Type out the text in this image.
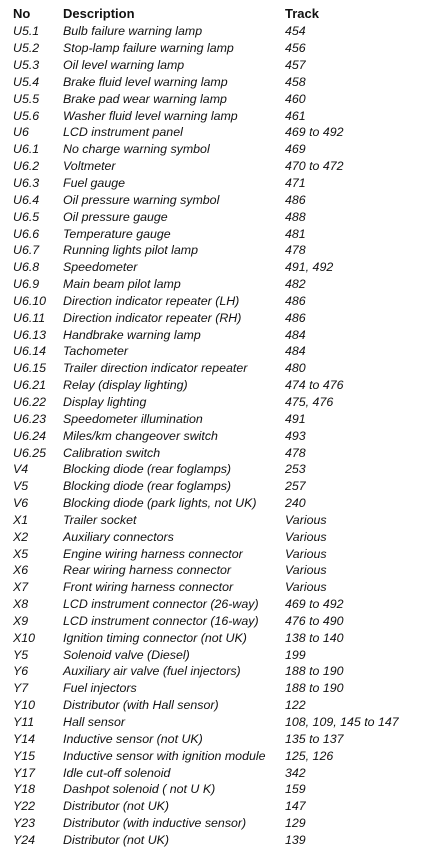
No	Description	Track
U5.1	Bulb failure warning lamp	454
U5.2	Stop-lamp failure warning lamp	456
U5.3	Oil level warning lamp	457
U5.4	Brake fluid level warning lamp	458
U5.5	Brake pad wear warning lamp	460
U5.6	Washer fluid level warning lamp	461
U6	LCD instrument panel	469 to 492
U6.1	No charge warning symbol	469
U6.2	Voltmeter	470 to 472
U6.3	Fuel gauge	471
U6.4	Oil pressure warning symbol	486
U6.5	Oil pressure gauge	488
U6.6	Temperature gauge	481
U6.7	Running lights pilot lamp	478
U6.8	Speedometer	491, 492
U6.9	Main beam pilot lamp	482
U6.10	Direction indicator repeater (LH)	486
U6.11	Direction indicator repeater (RH)	486
U6.13	Handbrake warning lamp	484
U6.14	Tachometer	484
U6.15	Trailer direction indicator repeater	480
U6.21	Relay (display lighting)	474 to 476
U6.22	Display lighting	475, 476
U6.23	Speedometer illumination	491
U6.24	Miles/km changeover switch	493
U6.25	Calibration switch	478
V4	Blocking diode (rear foglamps)	253
V5	Blocking diode (rear foglamps)	257
V6	Blocking diode (park lights, not UK)	240
X1	Trailer socket	Various
X2	Auxiliary connectors	Various
X5	Engine wiring harness connector	Various
X6	Rear wiring harness connector	Various
X7	Front wiring harness connector	Various
X8	LCD instrument connector (26-way)	469 to 492
X9	LCD instrument connector (16-way)	476 to 490
X10	Ignition timing connector (not UK)	138 to 140
Y5	Solenoid valve (Diesel)	199
Y6	Auxiliary air valve (fuel injectors)	188 to 190
Y7	Fuel injectors	188 to 190
Y10	Distributor (with Hall sensor)	122
Y11	Hall sensor	108, 109, 145 to 147
Y14	Inductive sensor (not UK)	135 to 137
Y15	Inductive sensor with ignition module	125, 126
Y17	Idle cut-off solenoid	342
Y18	Dashpot solenoid ( not U K)	159
Y22	Distributor (not UK)	147
Y23	Distributor (with inductive sensor)	129
Y24	Distributor (not UK)	139
